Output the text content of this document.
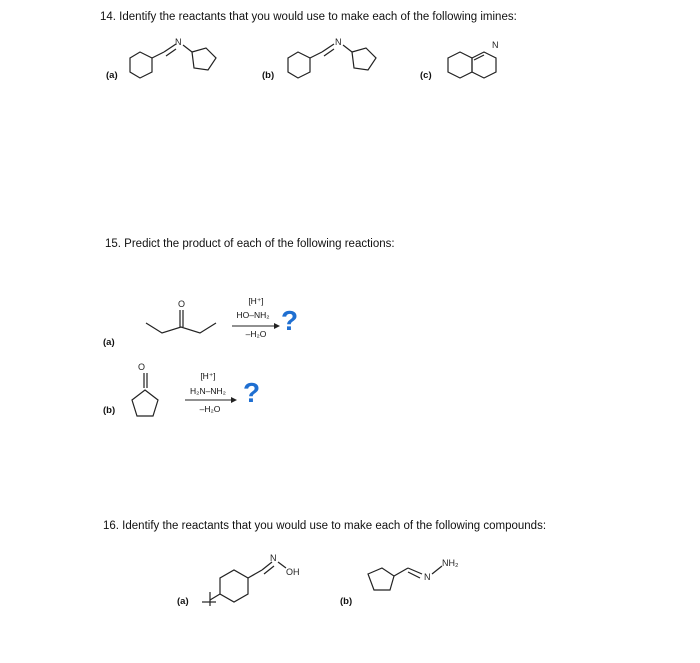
14. Identify the reactants that you would use to make each of the following imines:
(a)	(b)	(c)
N	N	N
15. Predict the product of each of the following reactions:
(a)
O	[H⁺]
HO–NH₂
–H₂O ?
(b)
O
[H⁺]
H₂N–NH₂
–H₂O
?
16. Identify the reactants that you would use to make each of the following compounds:
(a)	(b)
N
OH	N
NH₂
